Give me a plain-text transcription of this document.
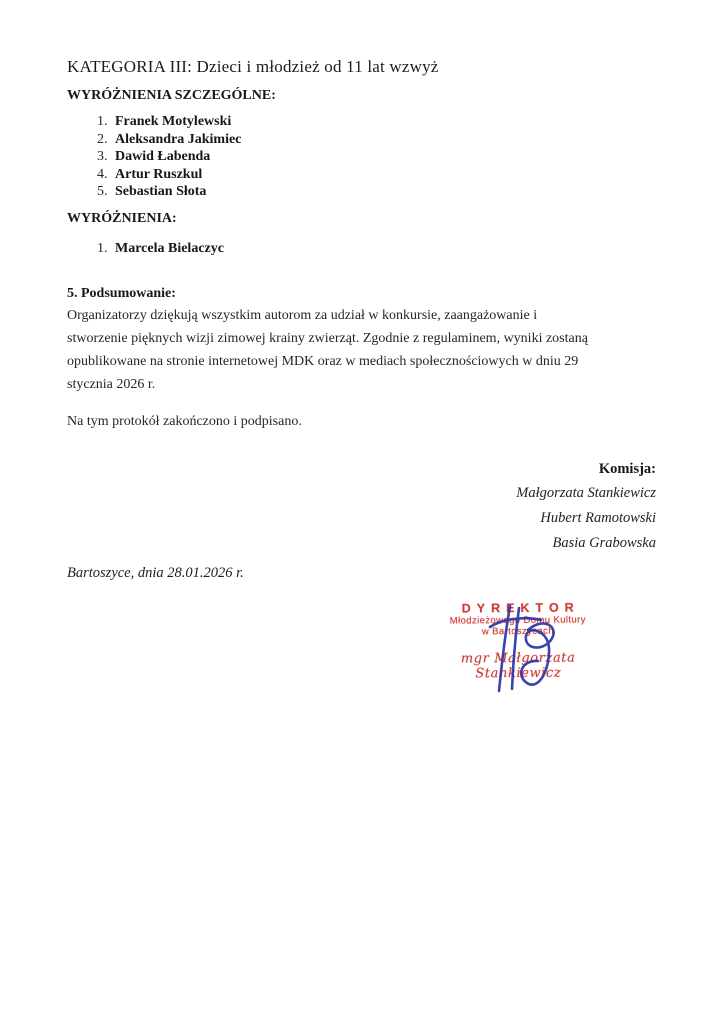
KATEGORIA III: Dzieci i młodzież od 11 lat wzwyż
WYRÓŻNIENIA SZCZEGÓLNE:
1. Franek Motylewski
2. Aleksandra Jakimiec
3. Dawid Łabenda
4. Artur Ruszkul
5. Sebastian Słota
WYRÓŻNIENIA:
1. Marcela Bielaczyc

5. Podsumowanie:

Organizatorzy dziękują wszystkim autorom za udział w konkursie, zaangażowanie i
stworzenie pięknych wizji zimowej krainy zwierząt. Zgodnie z regulaminem, wyniki zostaną
opublikowane na stronie internetowej MDK oraz w mediach społecznościowych w dniu 29
stycznia 2026 r.

Na tym protokół zakończono i podpisano.

Komisja:

Małgorzata Stankiewicz

Hubert Ramotowski

Basia Grabowska

Bartoszyce, dnia 28.01.2026 r.

DYREKTOR
Młodzieżowego Domu Kultury
w Bartoszycach
mgr Małgorzata Stankiewicz
